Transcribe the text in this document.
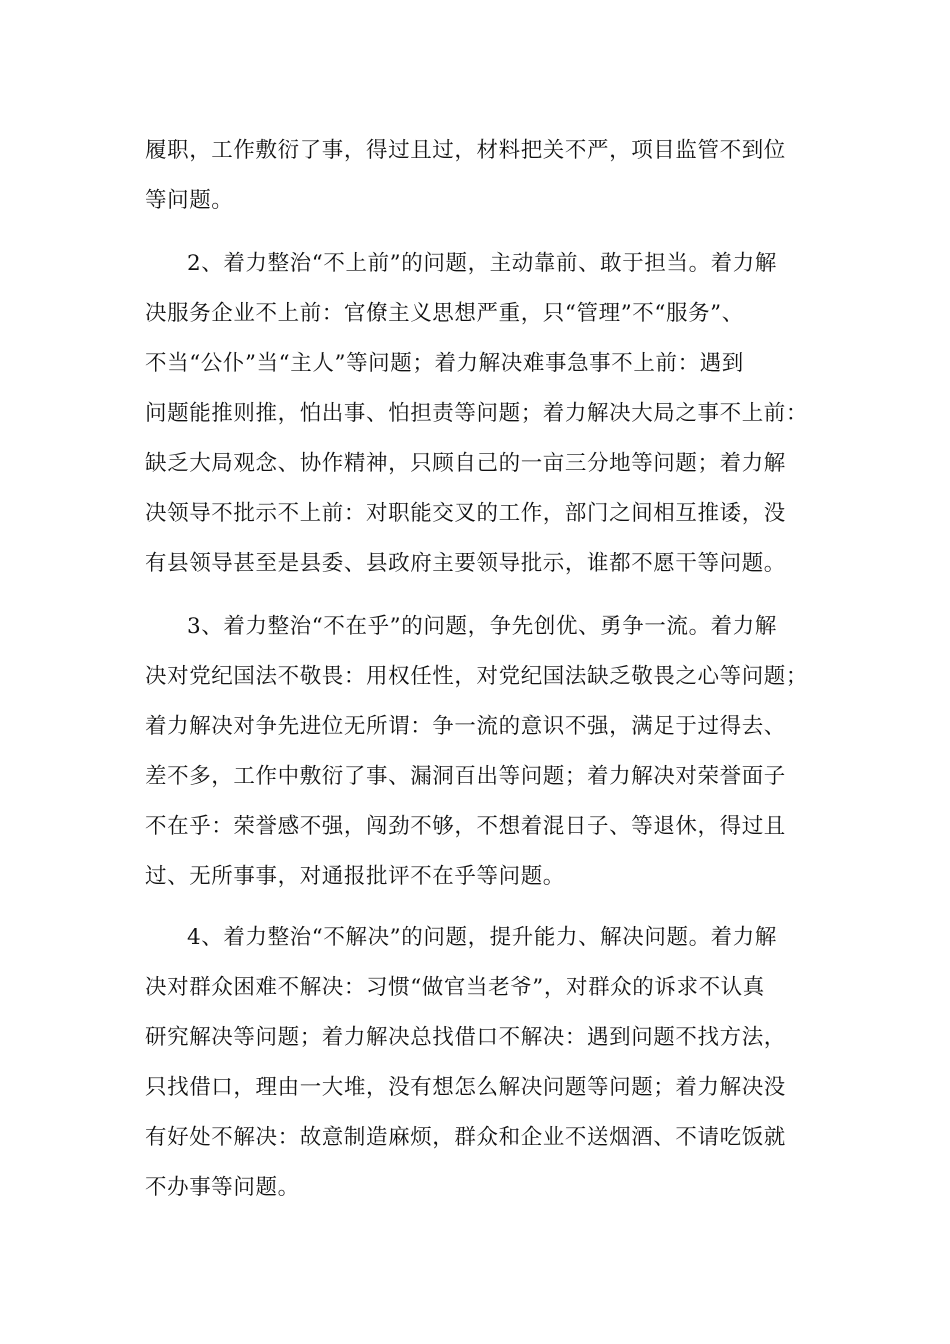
履职，工作敷衍了事，得过且过，材料把关不严，项目监管不到位
等问题。
2、着力整治“不上前”的问题，主动靠前、敢于担当。着力解
决服务企业不上前：官僚主义思想严重，只“管理”不“服务”、
不当“公仆”当“主人”等问题；着力解决难事急事不上前：遇到
问题能推则推，怕出事、怕担责等问题；着力解决大局之事不上前：
缺乏大局观念、协作精神，只顾自己的一亩三分地等问题；着力解
决领导不批示不上前：对职能交叉的工作，部门之间相互推诿，没
有县领导甚至是县委、县政府主要领导批示，谁都不愿干等问题。
3、着力整治“不在乎”的问题，争先创优、勇争一流。着力解
决对党纪国法不敬畏：用权任性，对党纪国法缺乏敬畏之心等问题；
着力解决对争先进位无所谓：争一流的意识不强，满足于过得去、
差不多，工作中敷衍了事、漏洞百出等问题；着力解决对荣誉面子
不在乎：荣誉感不强，闯劲不够，不想着混日子、等退休，得过且
过、无所事事，对通报批评不在乎等问题。
4、着力整治“不解决”的问题，提升能力、解决问题。着力解
决对群众困难不解决：习惯“做官当老爷”，对群众的诉求不认真
研究解决等问题；着力解决总找借口不解决：遇到问题不找方法，
只找借口，理由一大堆，没有想怎么解决问题等问题；着力解决没
有好处不解决：故意制造麻烦，群众和企业不送烟酒、不请吃饭就
不办事等问题。
